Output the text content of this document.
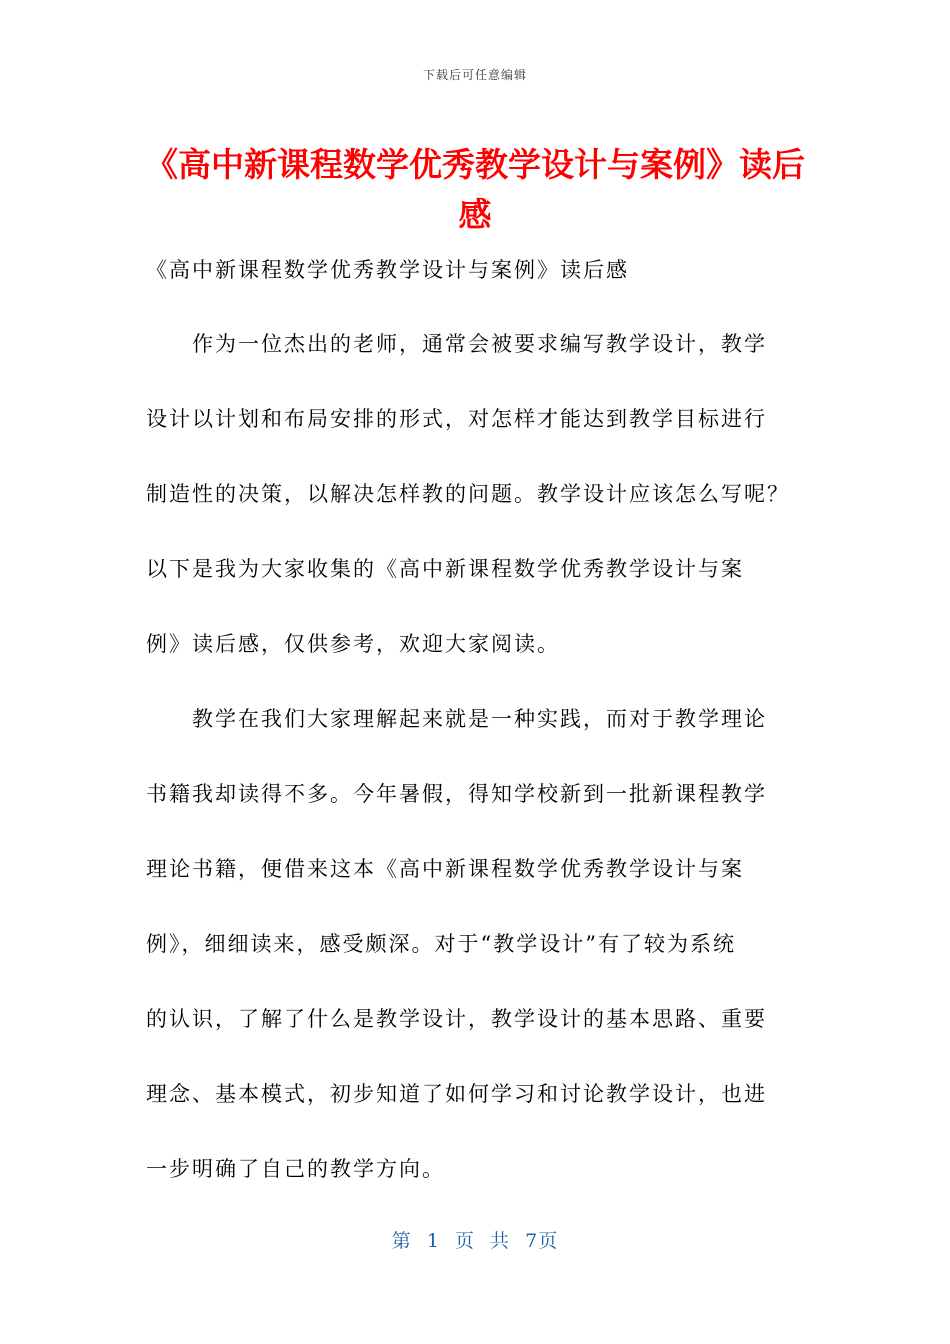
下载后可任意编辑
《高中新课程数学优秀教学设计与案例》读后感
《高中新课程数学优秀教学设计与案例》读后感
作为一位杰出的老师，通常会被要求编写教学设计，教学
设计以计划和布局安排的形式，对怎样才能达到教学目标进行
制造性的决策，以解决怎样教的问题。教学设计应该怎么写呢？
以下是我为大家收集的《高中新课程数学优秀教学设计与案
例》读后感，仅供参考，欢迎大家阅读。
教学在我们大家理解起来就是一种实践，而对于教学理论
书籍我却读得不多。今年暑假，得知学校新到一批新课程教学
理论书籍，便借来这本《高中新课程数学优秀教学设计与案
例》，细细读来，感受颇深。对于“教学设计”有了较为系统
的认识，了解了什么是教学设计，教学设计的基本思路、重要
理念、基本模式，初步知道了如何学习和讨论教学设计，也进
一步明确了自己的教学方向。
第 1 页 共 7页
